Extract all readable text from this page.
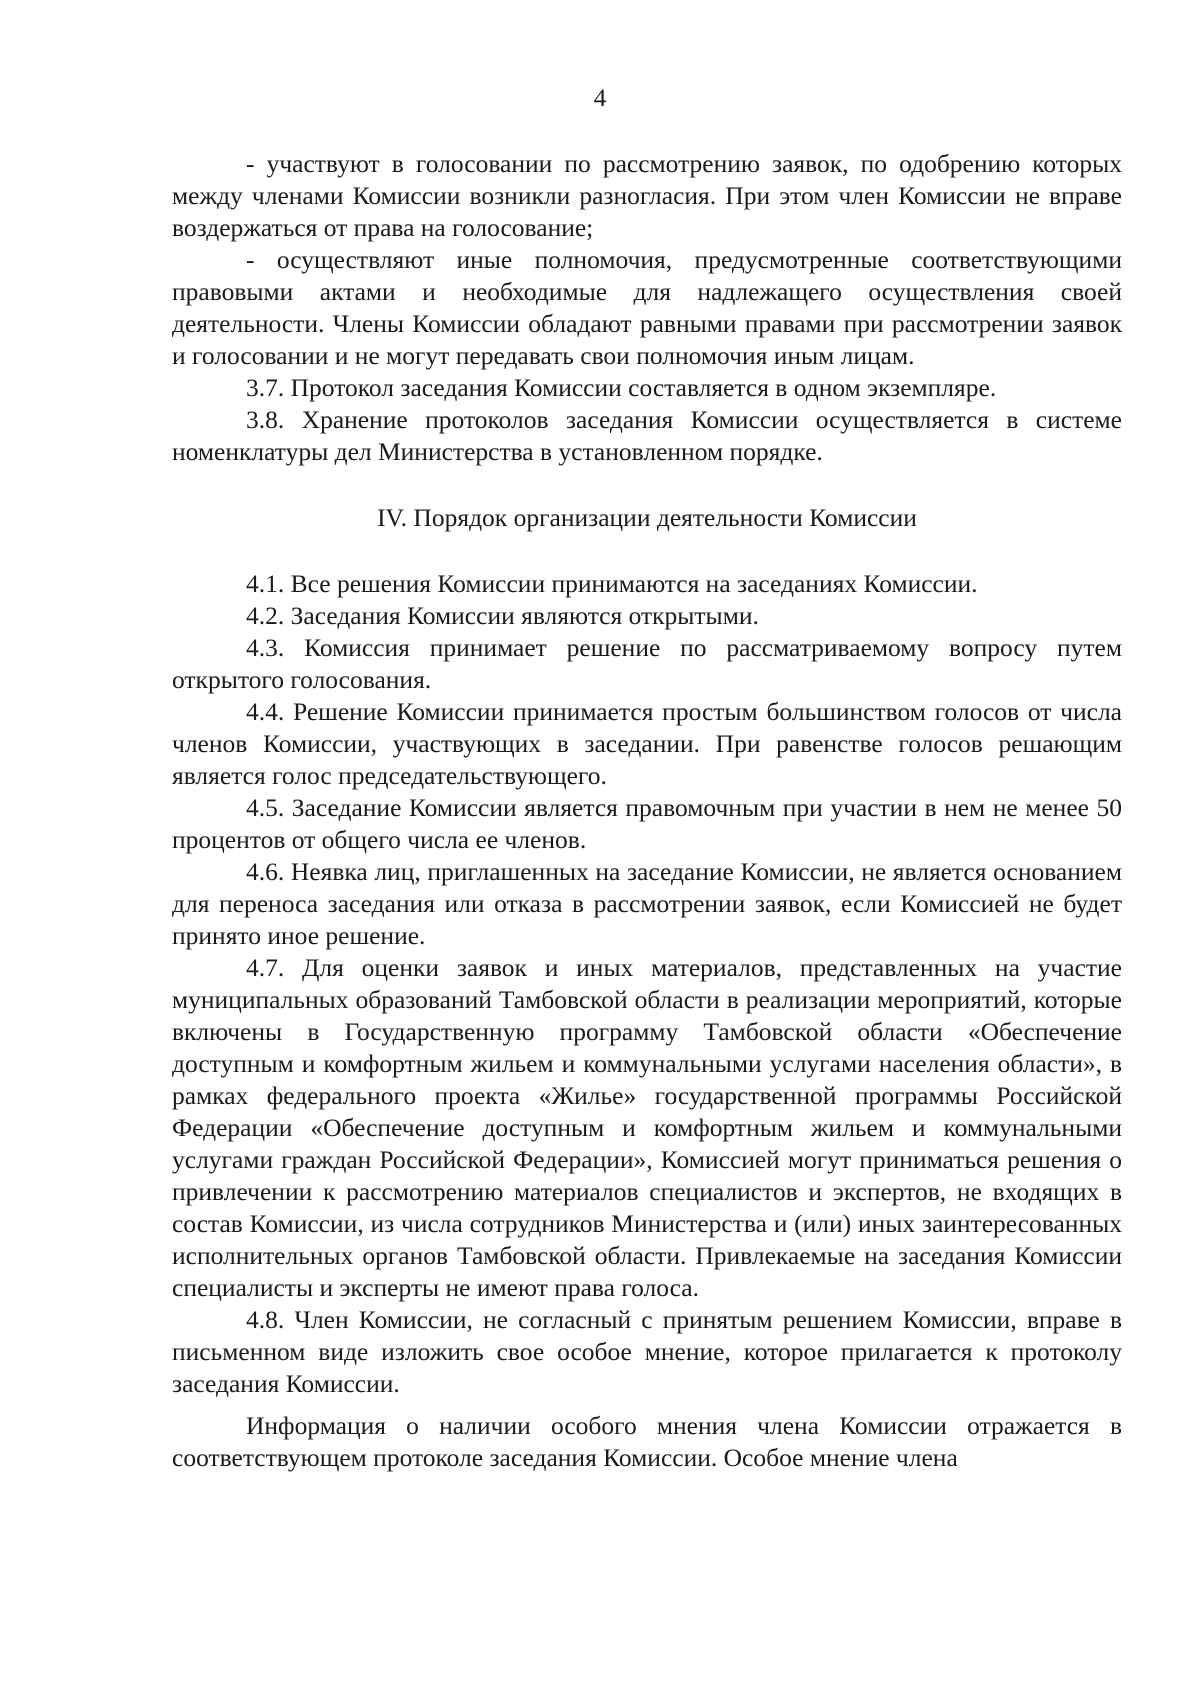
4

- участвуют в голосовании по рассмотрению заявок, по одобрению которых между членами Комиссии возникли разногласия. При этом член Комиссии не вправе воздержаться от права на голосование;

- осуществляют иные полномочия, предусмотренные соответствующими правовыми актами и необходимые для надлежащего осуществления своей деятельности. Члены Комиссии обладают равными правами при рассмотрении заявок и голосовании и не могут передавать свои полномочия иным лицам.

3.7. Протокол заседания Комиссии составляется в одном экземпляре.

3.8. Хранение протоколов заседания Комиссии осуществляется в системе номенклатуры дел Министерства в установленном порядке.

IV. Порядок организации деятельности Комиссии

4.1. Все решения Комиссии принимаются на заседаниях Комиссии.

4.2. Заседания Комиссии являются открытыми.

4.3. Комиссия принимает решение по рассматриваемому вопросу путем открытого голосования.

4.4. Решение Комиссии принимается простым большинством голосов от числа членов Комиссии, участвующих в заседании. При равенстве голосов решающим является голос председательствующего.

4.5. Заседание Комиссии является правомочным при участии в нем не менее 50 процентов от общего числа ее членов.

4.6. Неявка лиц, приглашенных на заседание Комиссии, не является основанием для переноса заседания или отказа в рассмотрении заявок, если Комиссией не будет принято иное решение.

4.7. Для оценки заявок и иных материалов, представленных на участие муниципальных образований Тамбовской области в реализации мероприятий, которые включены в Государственную программу Тамбовской области «Обеспечение доступным и комфортным жильем и коммунальными услугами населения области», в рамках федерального проекта «Жилье» государственной программы Российской Федерации «Обеспечение доступным и комфортным жильем и коммунальными услугами граждан Российской Федерации», Комиссией могут приниматься решения о привлечении к рассмотрению материалов специалистов и экспертов, не входящих в состав Комиссии, из числа сотрудников Министерства и (или) иных заинтересованных исполнительных органов Тамбовской области. Привлекаемые на заседания Комиссии специалисты и эксперты не имеют права голоса.

4.8. Член Комиссии, не согласный с принятым решением Комиссии, вправе в письменном виде изложить свое особое мнение, которое прилагается к протоколу заседания Комиссии.

Информация о наличии особого мнения члена Комиссии отражается в соответствующем протоколе заседания Комиссии. Особое мнение члена
